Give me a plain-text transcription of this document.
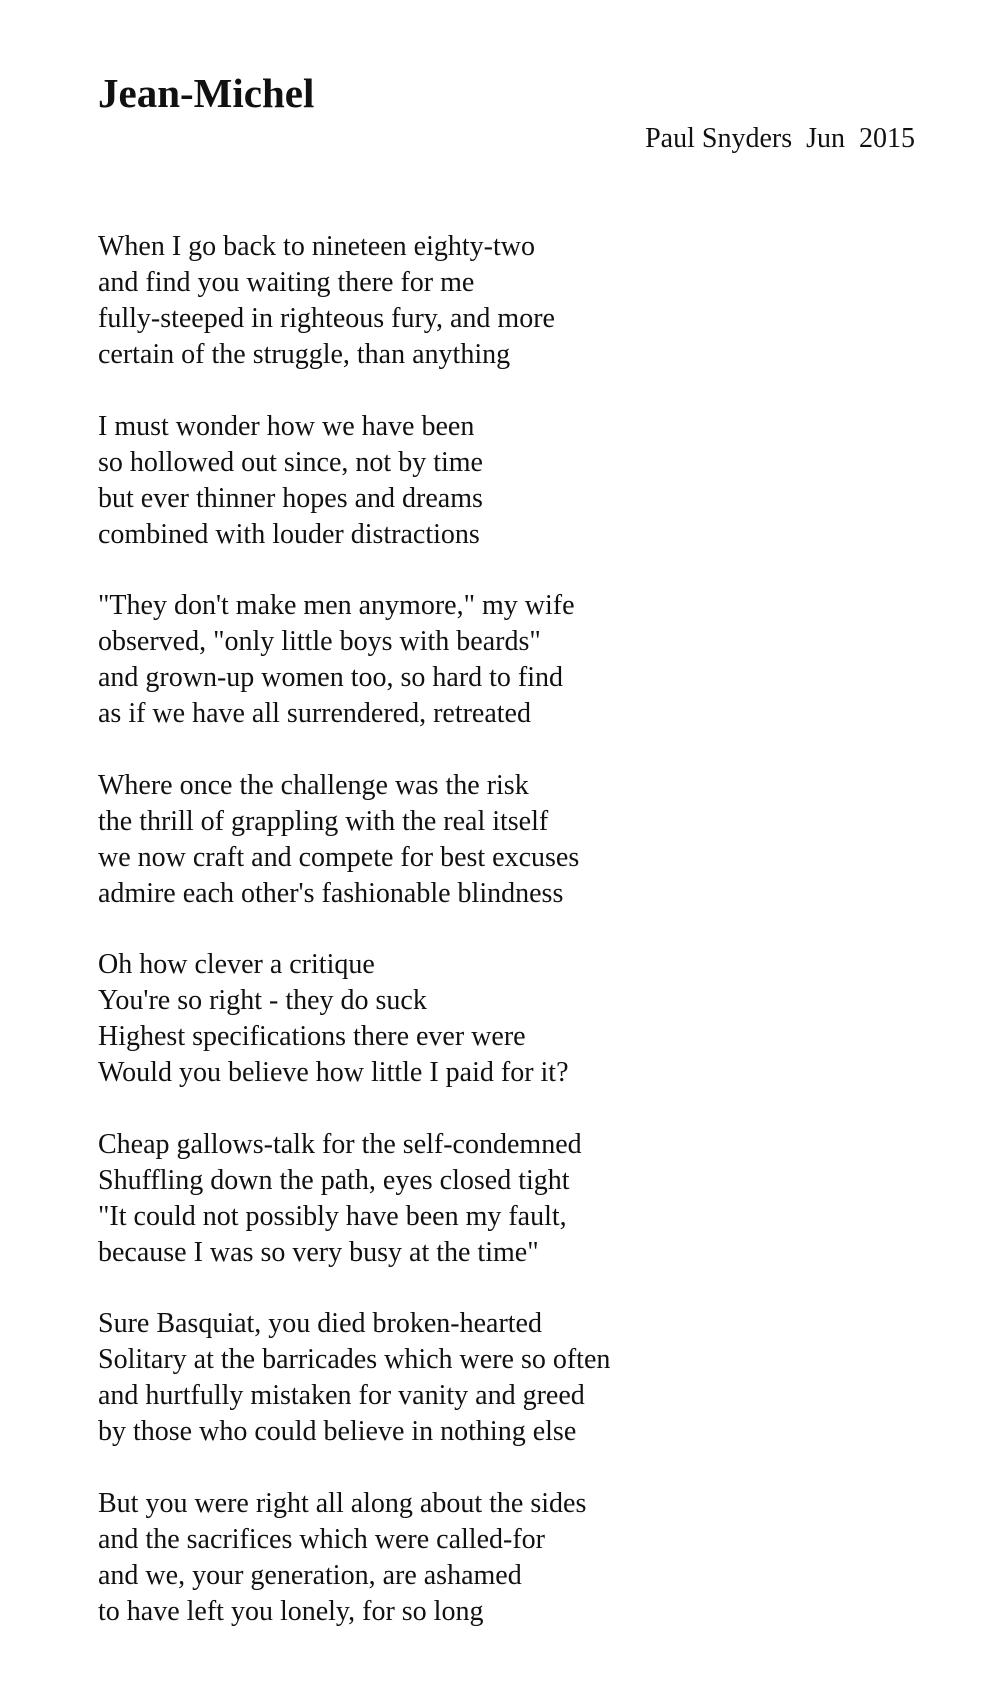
Jean-Michel

Paul Snyders  Jun  2015

When I go back to nineteen eighty-two
and find you waiting there for me
fully-steeped in righteous fury, and more
certain of the struggle, than anything
I must wonder how we have been
so hollowed out since, not by time
but ever thinner hopes and dreams
combined with louder distractions
"They don't make men anymore," my wife
observed, "only little boys with beards"
and grown-up women too, so hard to find
as if we have all surrendered, retreated
Where once the challenge was the risk
the thrill of grappling with the real itself
we now craft and compete for best excuses
admire each other's fashionable blindness
Oh how clever a critique
You're so right - they do suck
Highest specifications there ever were
Would you believe how little I paid for it?
Cheap gallows-talk for the self-condemned
Shuffling down the path, eyes closed tight
"It could not possibly have been my fault,
because I was so very busy at the time"
Sure Basquiat, you died broken-hearted
Solitary at the barricades which were so often
and hurtfully mistaken for vanity and greed
by those who could believe in nothing else
But you were right all along about the sides
and the sacrifices which were called-for
and we, your generation, are ashamed
to have left you lonely, for so long
